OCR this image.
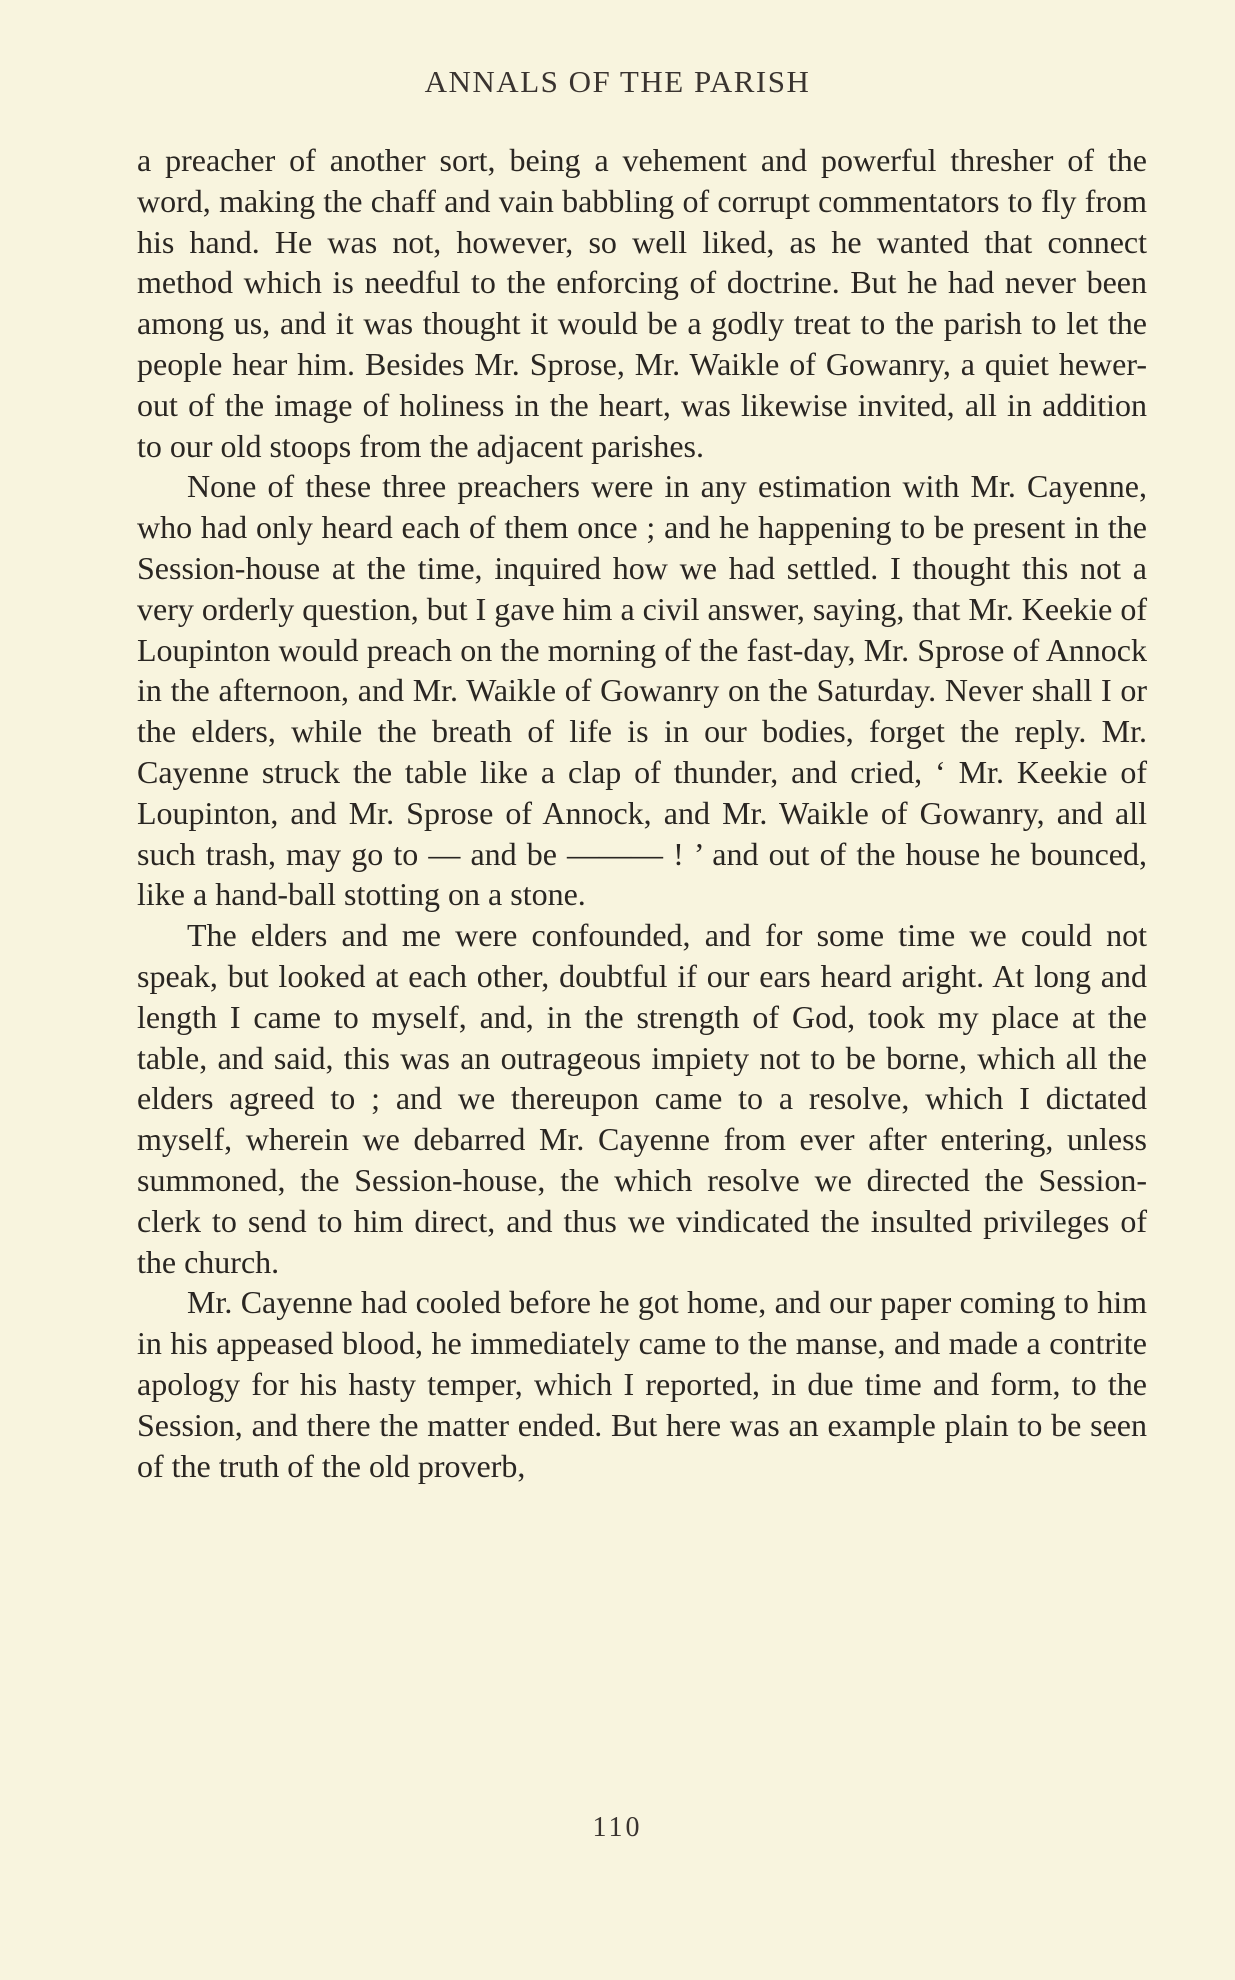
ANNALS OF THE PARISH

a preacher of another sort, being a vehement and powerful thresher of the word, making the chaff and vain babbling of corrupt commentators to fly from his hand. He was not, however, so well liked, as he wanted that connect method which is needful to the enforcing of doctrine. But he had never been among us, and it was thought it would be a godly treat to the parish to let the people hear him. Besides Mr. Sprose, Mr. Waikle of Gowanry, a quiet hewer-out of the image of holiness in the heart, was likewise invited, all in addition to our old stoops from the adjacent parishes.

None of these three preachers were in any estimation with Mr. Cayenne, who had only heard each of them once ; and he happening to be present in the Session-house at the time, inquired how we had settled. I thought this not a very orderly question, but I gave him a civil answer, saying, that Mr. Keekie of Loupinton would preach on the morning of the fast-day, Mr. Sprose of Annock in the afternoon, and Mr. Waikle of Gowanry on the Saturday. Never shall I or the elders, while the breath of life is in our bodies, forget the reply. Mr. Cayenne struck the table like a clap of thunder, and cried, ‘ Mr. Keekie of Loupinton, and Mr. Sprose of Annock, and Mr. Waikle of Gowanry, and all such trash, may go to — and be ——— ! ’ and out of the house he bounced, like a hand-ball stotting on a stone.

The elders and me were confounded, and for some time we could not speak, but looked at each other, doubtful if our ears heard aright. At long and length I came to myself, and, in the strength of God, took my place at the table, and said, this was an outrageous impiety not to be borne, which all the elders agreed to ; and we thereupon came to a resolve, which I dictated myself, wherein we debarred Mr. Cayenne from ever after entering, unless summoned, the Session-house, the which resolve we directed the Session-clerk to send to him direct, and thus we vindicated the insulted privileges of the church.

Mr. Cayenne had cooled before he got home, and our paper coming to him in his appeased blood, he immediately came to the manse, and made a contrite apology for his hasty temper, which I reported, in due time and form, to the Session, and there the matter ended. But here was an example plain to be seen of the truth of the old proverb,

110
